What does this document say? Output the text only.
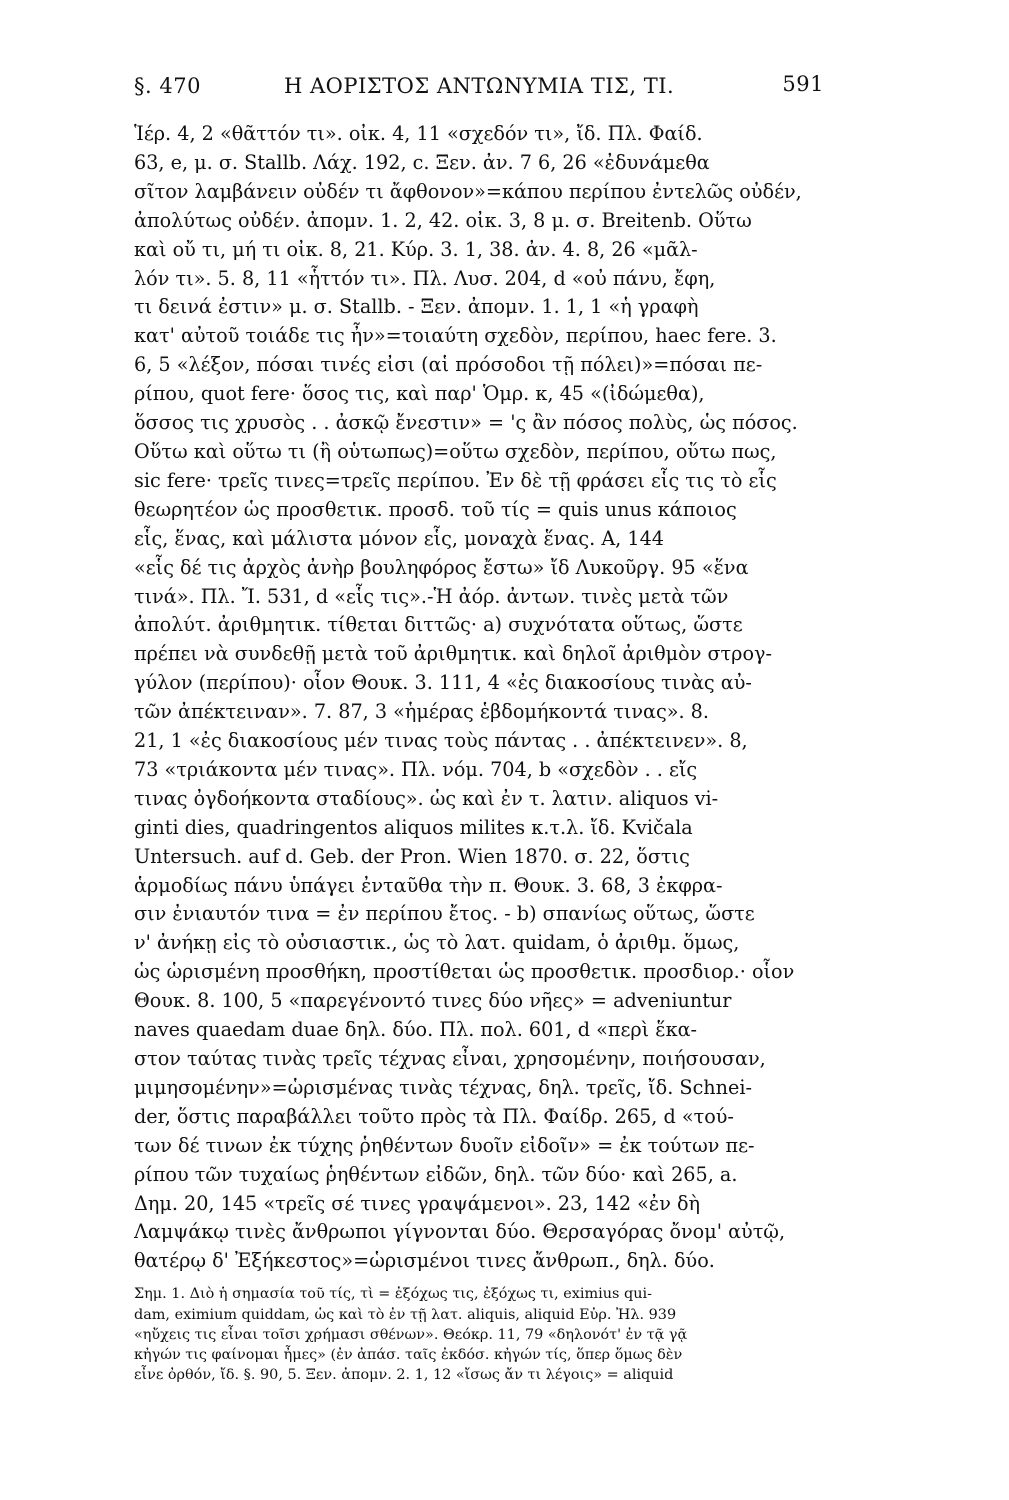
§. 470	Η ΑΟΡΙΣΤΟΣ ΑΝΤΩΝΥΜΙΑ ΤΙΣ, ΤΙ.	591
Ἱέρ. 4, 2 «θᾶττόν τι». οἰκ. 4, 11 «σχεδόν τι», ἴδ. Πλ. Φαίδ.
63, e, μ. σ. Stallb. Λάχ. 192, c. Ξεν. ἀν. 7 6, 26 «ἐδυνάμεθα
σῖτον λαμβάνειν οὐδέν τι ἄφθονον»=κάπου περίπου ἐντελῶς οὐδέν,
ἀπολύτως οὐδέν. ἀπομν. 1. 2, 42. οἰκ. 3, 8 μ. σ. Breitenb. Οὕτω
καὶ οὔ τι, μή τι οἰκ. 8, 21. Κύρ. 3. 1, 38. ἀν. 4. 8, 26 «μᾶλ-
λόν τι». 5. 8, 11 «ἧττόν τι». Πλ. Λυσ. 204, d «οὐ πάνυ, ἔφη,
τι δεινά ἐστιν» μ. σ. Stallb. - Ξεν. ἀπομν. 1. 1, 1 «ἡ γραφὴ
κατ' αὐτοῦ τοιάδε τις ἦν»=τοιαύτη σχεδὸν, περίπου, haec fere. 3.
6, 5 «λέξον, πόσαι τινές εἰσι (αἱ πρόσοδοι τῇ πόλει)»=πόσαι πε-
ρίπου, quot fere· ὅσος τις, καὶ παρ' Ὁμρ. κ, 45 «(ἰδώμεθα),
ὅσσος τις χρυσὸς . . ἀσκῷ ἔνεστιν» = 'ς ἂν πόσος πολὺς, ὡς πόσος.
Οὕτω καὶ οὕτω τι (ἢ οὑτωπως)=οὕτω σχεδὸν, περίπου, οὕτω πως,
sic fere· τρεῖς τινες=τρεῖς περίπου. Ἐν δὲ τῇ φράσει εἷς τις τὸ εἷς
θεωρητέον ὡς προσθετικ. προσδ. τοῦ τίς = quis unus κάποιος
εἷς, ἕνας, καὶ μάλιστα μόνον εἷς, μοναχὰ ἕνας. Α, 144
«εἷς δέ τις ἀρχὸς ἀνὴρ βουληφόρος ἔστω» ἴδ Λυκοῦργ. 95 «ἕνα
τινά». Πλ. Ἴ. 531, d «εἷς τις».-Ἡ ἀόρ. ἀντων. τινὲς μετὰ τῶν
ἀπολύτ. ἀριθμητικ. τίθεται διττῶς· a) συχνότατα οὕτως, ὥστε
πρέπει νὰ συνδεθῇ μετὰ τοῦ ἀριθμητικ. καὶ δηλοῖ ἀριθμὸν στρογ-
γύλον (περίπου)· οἷον Θουκ. 3. 111, 4 «ἐς διακοσίους τινὰς αὐ-
τῶν ἀπέκτειναν». 7. 87, 3 «ἡμέρας ἑβδομήκοντά τινας». 8.
21, 1 «ἐς διακοσίους μέν τινας τοὺς πάντας . . ἀπέκτεινεν». 8,
73 «τριάκοντα μέν τινας». Πλ. νόμ. 704, b «σχεδὸν . . εἴς
τινας ὀγδοήκοντα σταδίους». ὡς καὶ ἐν τ. λατιν. aliquos vi-
ginti dies, quadringentos aliquos milites κ.τ.λ. ἴδ. Kvičala
Untersuch. auf d. Geb. der Pron. Wien 1870. σ. 22, ὅστις
ἁρμοδίως πάνυ ὑπάγει ἐνταῦθα τὴν π. Θουκ. 3. 68, 3 ἐκφρα-
σιν ἐνιαυτόν τινα = ἐν περίπου ἔτος. - b) σπανίως οὕτως, ὥστε
ν' ἀνήκῃ εἰς τὸ οὐσιαστικ., ὡς τὸ λατ. quidam, ὁ ἀριθμ. ὅμως,
ὡς ὡρισμένη προσθήκη, προστίθεται ὡς προσθετικ. προσδιορ.· οἷον
Θουκ. 8. 100, 5 «παρεγένοντό τινες δύο νῆες» = adveniuntur
naves quaedam duae δηλ. δύο. Πλ. πολ. 601, d «περὶ ἕκα-
στον ταύτας τινὰς τρεῖς τέχνας εἶναι, χρησομένην, ποιήσουσαν,
μιμησομένην»=ὡρισμένας τινὰς τέχνας, δηλ. τρεῖς, ἴδ. Schnei-
der, ὅστις παραβάλλει τοῦτο πρὸς τὰ Πλ. Φαίδρ. 265, d «τού-
των δέ τινων ἐκ τύχης ῥηθέντων δυοῖν εἰδοῖν» = ἐκ τούτων πε-
ρίπου τῶν τυχαίως ῥηθέντων εἰδῶν, δηλ. τῶν δύο· καὶ 265, a.
Δημ. 20, 145 «τρεῖς σέ τινες γραψάμενοι». 23, 142 «ἐν δὴ
Λαμψάκῳ τινὲς ἄνθρωποι γίγνονται δύο. Θερσαγόρας ὄνομ' αὐτῷ,
θατέρῳ δ' Ἐξήκεστος»=ὡρισμένοι τινες ἄνθρωπ., δηλ. δύο.
Σημ. 1. Διὸ ἡ σημασία τοῦ τίς, τὶ = ἐξόχως τις, ἐξόχως τι, eximius qui-
dam, eximium quiddam, ὡς καὶ τὸ ἐν τῇ λατ. aliquis, aliquid Εὐρ. Ἠλ. 939
«ηὔχεις τις εἶναι τοῖσι χρήμασι σθένων». Θεόκρ. 11, 79 «δηλονότ' ἐν τᾷ γᾷ
κἠγών τις φαίνομαι ἦμες» (ἐν ἀπάσ. ταῖς ἐκδόσ. κἠγών τίς, ὅπερ ὅμως δὲν
εἶνε ὀρθόν, ἴδ. §. 90, 5. Ξεν. ἀπομν. 2. 1, 12 «ἴσως ἄν τι λέγοις» = aliquid
